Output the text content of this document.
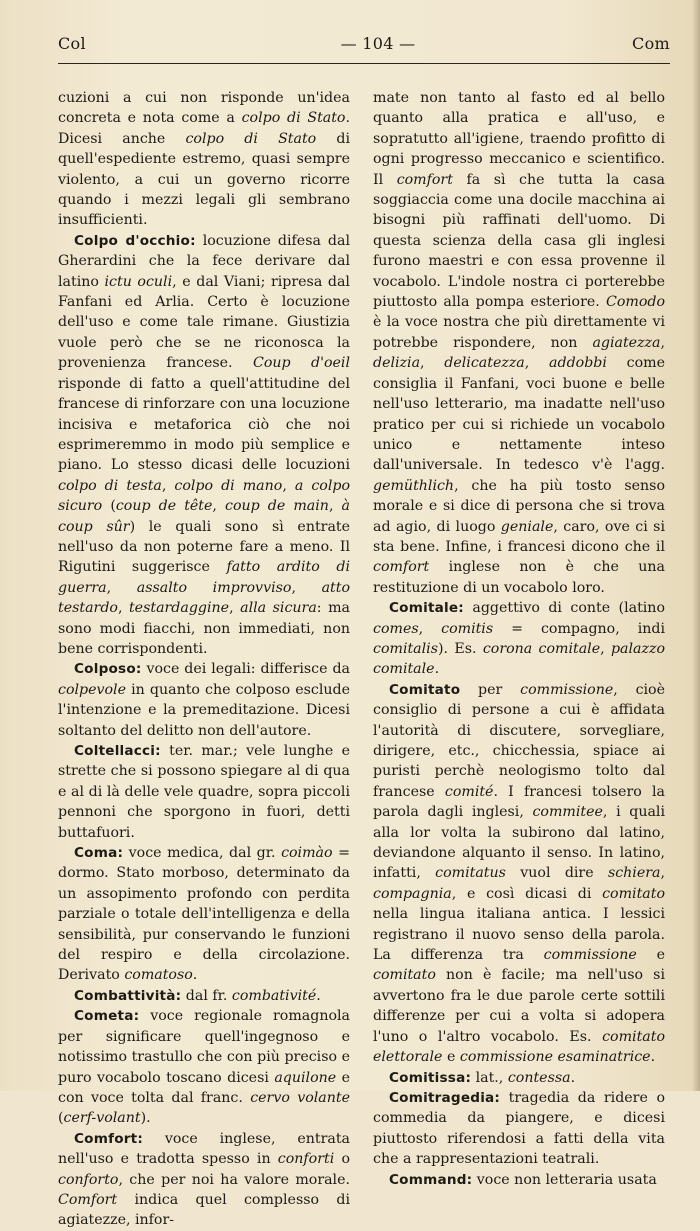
Col	— 104 —	Com

cuzioni a cui non risponde un'idea concreta e nota come a colpo di Stato. Dicesi anche colpo di Stato di quell'espediente estremo, quasi sempre violento, a cui un governo ricorre quando i mezzi legali gli sembrano insufficienti.

Colpo d'occhio: locuzione difesa dal Gherardini che la fece derivare dal latino ictu oculi, e dal Viani; ripresa dal Fanfani ed Arlia. Certo è locuzione dell'uso e come tale rimane. Giustizia vuole però che se ne riconosca la provenienza francese. Coup d'oeil risponde di fatto a quell'attitudine del francese di rinforzare con una locuzione incisiva e metaforica ciò che noi esprimeremmo in modo più semplice e piano. Lo stesso dicasi delle locuzioni colpo di testa, colpo di mano, a colpo sicuro (coup de tête, coup de main, à coup sûr) le quali sono sì entrate nell'uso da non poterne fare a meno. Il Rigutini suggerisce fatto ardito di guerra, assalto improvviso, atto testardo, testardaggine, alla sicura: ma sono modi fiacchi, non immediati, non bene corrispondenti.

Colposo: voce dei legali: differisce da colpevole in quanto che colposo esclude l'intenzione e la premeditazione. Dicesi soltanto del delitto non dell'autore.

Coltellacci: ter. mar.; vele lunghe e strette che si possono spiegare al di qua e al di là delle vele quadre, sopra piccoli pennoni che sporgono in fuori, detti buttafuori.

Coma: voce medica, dal gr. coimào = dormo. Stato morboso, determinato da un assopimento profondo con perdita parziale o totale dell'intelligenza e della sensibilità, pur conservando le funzioni del respiro e della circolazione. Derivato comatoso.

Combattività: dal fr. combativité.

Cometa: voce regionale romagnola per significare quell'ingegnoso e notissimo trastullo che con più preciso e puro vocabolo toscano dicesi aquilone e con voce tolta dal franc. cervo volante (cerf-volant).

Comfort: voce inglese, entrata nell'uso e tradotta spesso in conforti o conforto, che per noi ha valore morale. Comfort indica quel complesso di agiatezze, infor-

mate non tanto al fasto ed al bello quanto alla pratica e all'uso, e sopratutto all'igiene, traendo profitto di ogni progresso meccanico e scientifico. Il comfort fa sì che tutta la casa soggiaccia come una docile macchina ai bisogni più raffinati dell'uomo. Di questa scienza della casa gli inglesi furono maestri e con essa provenne il vocabolo. L'indole nostra ci porterebbe piuttosto alla pompa esteriore. Comodo è la voce nostra che più direttamente vi potrebbe rispondere, non agiatezza, delizia, delicatezza, addobbi come consiglia il Fanfani, voci buone e belle nell'uso letterario, ma inadatte nell'uso pratico per cui si richiede un vocabolo unico e nettamente inteso dall'universale. In tedesco v'è l'agg. gemüthlich, che ha più tosto senso morale e si dice di persona che si trova ad agio, di luogo geniale, caro, ove ci si sta bene. Infine, i francesi dicono che il comfort inglese non è che una restituzione di un vocabolo loro.

Comitale: aggettivo di conte (latino comes, comitis = compagno, indi comitalis). Es. corona comitale, palazzo comitale.

Comitato per commissione, cioè consiglio di persone a cui è affidata l'autorità di discutere, sorvegliare, dirigere, etc., chicchessia, spiace ai puristi perchè neologismo tolto dal francese comité. I francesi tolsero la parola dagli inglesi, commitee, i quali alla lor volta la subirono dal latino, deviandone alquanto il senso. In latino, infatti, comitatus vuol dire schiera, compagnia, e così dicasi di comitato nella lingua italiana antica. I lessici registrano il nuovo senso della parola. La differenza tra commissione e comitato non è facile; ma nell'uso si avvertono fra le due parole certe sottili differenze per cui a volta si adopera l'uno o l'altro vocabolo. Es. comitato elettorale e commissione esaminatrice.

Comitissa: lat., contessa.

Comitragedia: tragedia da ridere o commedia da piangere, e dicesi piuttosto riferendosi a fatti della vita che a rappresentazioni teatrali.

Command: voce non letteraria usata
